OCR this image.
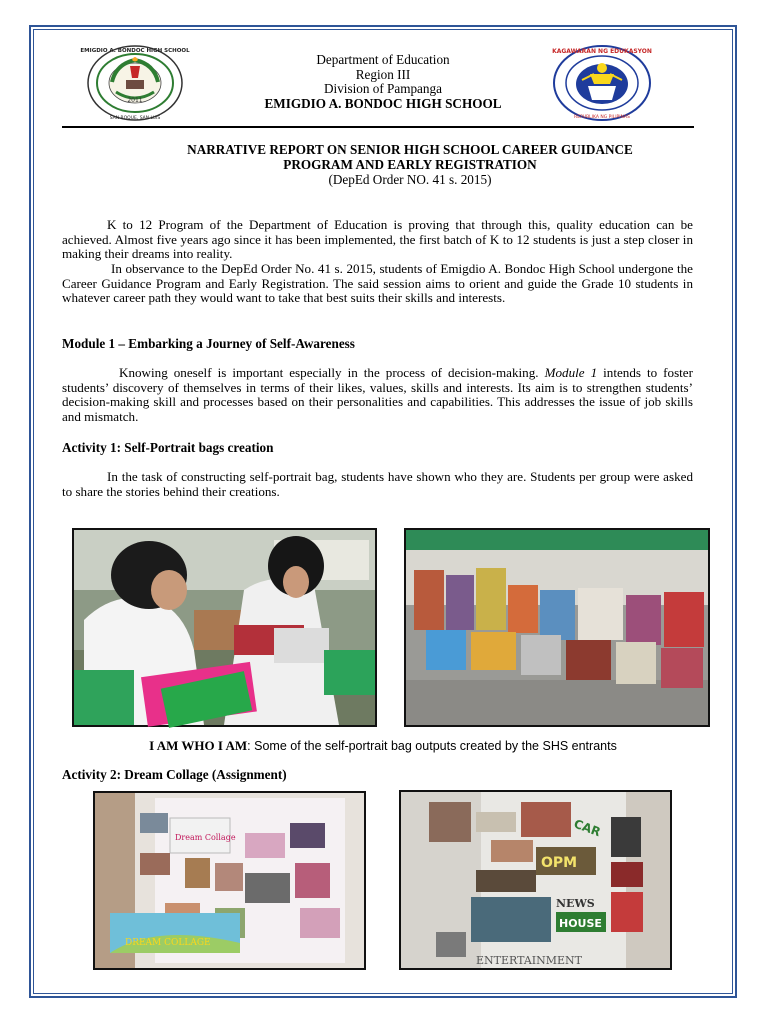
2011
EMIGDIO A. BONDOC HIGH SCHOOL
SAN ROQUE, SAN LUIS
KAGAWARAN NG EDUKASYON
REPUBLIKA NG PILIPINAS
Department of Education
Region III
Division of Pampanga
EMIGDIO A. BONDOC HIGH SCHOOL
NARRATIVE REPORT ON SENIOR HIGH SCHOOL CAREER GUIDANCE
PROGRAM AND EARLY REGISTRATION
(DepEd Order NO. 41 s. 2015)

K to 12 Program of the Department of Education is proving that through this, quality education can be achieved. Almost five years ago since it has been implemented, the first batch of K to 12 students is just a step closer in making their dreams into reality.

In observance to the DepEd Order No. 41 s. 2015, students of Emigdio A. Bondoc High School undergone the Career Guidance Program and Early Registration. The said session aims to orient and guide the Grade 10 students in whatever career path they would want to take that best suits their skills and interests.

Module 1 – Embarking a Journey of Self-Awareness

Knowing oneself is important especially in the process of decision-making. Module 1 intends to foster students’ discovery of themselves in terms of their likes, values, skills and interests. Its aim is to strengthen students’ decision-making skill and processes based on their personalities and capabilities. This addresses the issue of job skills and mismatch.

Activity 1: Self-Portrait bags creation

In the task of constructing self-portrait bag, students have shown who they are. Students per group were asked to share the stories behind their creations.

I AM WHO I AM: Some of the self-portrait bag outputs created by the SHS entrants

Activity 2: Dream Collage (Assignment)

Dream Collage
DREAM COLLAGE
CAR
OPM
NEWS
HOUSE
ENTERTAINMENT
